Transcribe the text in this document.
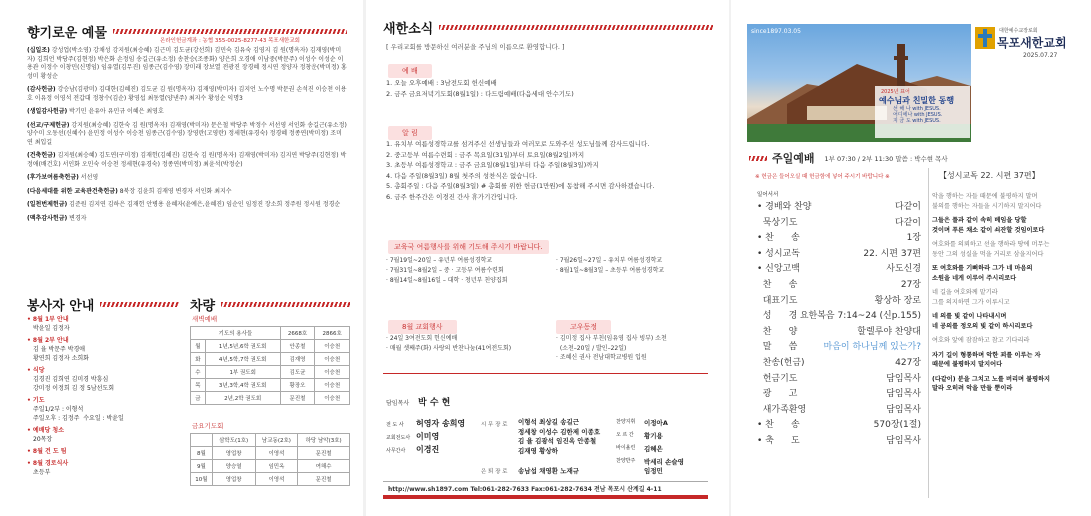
향기로운 예물	온라인헌금계좌 : 농협 355-0025-8277-43 목포새한교회
(십일조) 강성업(박소영) 강채성 강지원(최승혜) 김근미 김도균(강선희) 김민숙 김유숙 김영지 김 원(명옥자) 김재영(박미자) 김희언 박당주(김현정) 박은화 손정임 송길근(유소정) 송찬승(조종화) 양은희 오경애 이남중(박문주) 이성수 이성순 이용관 이정수 이창민(신명임) 임유열(김무진) 임종근(김수영) 장미래 장보열 전광진 장경혜 정시연 정양자 정창운(박미정) 홍성미 황성순
(감사헌금) 강승남(김광미) 김대한(김혜진) 김도균 김 원(명옥자) 김재영(박미자) 김지언 노수명 박문권 손석진 이승천 이용호 이유정 이영석 전갑대 정창수(김순) 황영섭 최동열(양낸주) 최지수 황성순 익명3
(생일감사헌금) 박기민 윤유아 유민규 이혜은 최영호
(선교/구제헌금) 강지원(최승혜) 김한숙 김 원(명옥자) 김재영(박미자) 문은철 박당주 박정수 서선영 서인화 송길근(유소정) 양수미 오동선(신혜수) 윤민정 이성수 이승천 임종근(김수영) 장영란(고영란) 정세현(유경숙) 정경혜 정종연(박미정) 조미연 최입길
(건축헌금) 김지원(최승혜) 김도연(구미정) 김재헌(김혜진) 김한숙 김 원(명옥자) 김재영(박미자) 김지연 박당주(김현정) 박정애(배건호) 서인화 오민숙 이승천 정세현(유경숙) 정종연(박미정) 최윤석(박정순)
(후가보여름축헌금) 서선영
(다음세대를 위한 교육관건축헌금) 8북장 김윤희 김재영 변경자 서인화 최지수
(일천번제헌금) 김준원 김지연 김하은 김재헌 안병용 윤혜자(윤예은,윤혜진) 임순인 임정진 장소희 정주원 정시원 정경순
(맥추감사헌금) 변경자
봉사자 안내
• 8월 1부 안내
박윤일 김정자
• 8월 2부 안내
김 율 박문주 박경애
황연희 김정자 소희화
• 식당
김경진 김희연 김미경 박흥심
강미정 이정희 김 정 5남선도회
• 기도
주일1/2부 : 이형석
주일오후 : 김정주  수요일 : 박윤일
• 예배당 청소
20목장
• 8월 건 도 팀
• 8월 경로식사
초등부
차량
새벽예배
기도의 용사들		2668호	2866호
월	1년,5년,6학 권도회	안종철	이승천
화	4년,5학,7학 권도회	김재영	이승천
수	1부 권도회	김도균	이승천
목	3년,3학,4학 권도회	황장오	이승천
금	2년,2학 권도회	문진철	이승천
금요기도회
	삼학도(1호)	남교동(2호)	하당 남악(3호)
8월	영업창	이영석	문진철
9월	양승열	임민옥	여해수
10월	영업창	이영석	문진철
새한소식
[ 우리교회를 방문하신 여러분을 주님의 이름으로 환영합니다. ]
예 배
1. 오늘 오후예배 : 3남전도회 헌신예배
2. 금주 금요저녁기도회(8월1일) : 다드림예배(다음세대 안수기도)
알 림
1. 유치부 여름성경학교를 섬겨주신 선생님들과 여러모로 도와주신 성도님들께 감사드립니다.
2. 중고등부 여름수련회 : 금주 목요일(31일)부터 토요일(8월2일)까지
3. 초등부 여름성경학교 : 금주 금요일(8월1일)부터 다음 주일(8월3일)까지
4. 다음 주일(8월3일) 8월 첫주의 성찬식은 없습니다.
5. 총회주일 : 다음 주일(8월3일) # 총회를 위한 헌금(1만원)에 동참해 주시면 감사하겠습니다.
6. 금주 한주간은 이경진 간사 휴가기간입니다.
교육국 여름행사를 위해 기도해 주시기 바랍니다.
· 7월19일~20일 – 유년부 여름성경학교
· 7월31일~8월2일 – 중 · 고등부 여름수련회
· 8월14일~8월16일 – 대학 · 청년부 친양집회
· 7월26일~27일 – 유치부 여름성경학교
· 8월1일~8월3일 – 초등부 여름성경학교
8월 교회행사
· 24일 3여전도회 헌신예배
· 매월 셋째주(화) 사랑의 반찬나눔(41여전도회)
고우동정
· 김미정 집사 부친(임유영 집사 빙부) 소천
(소천–20일 / 발인–22일)
· 조혜신 권사 전남대학교병원 입원
담임목사 박 수 현
전 도 사	허영자 송희영
교회전도사 이미영
사무간사	이경진
시 무 장 로 이형석 최상길 송길근
정세창 이성수 김한제 이종호
김 율 김광석 임진옥 안종철
김재영 황상하
은 퇴 장 로 송남섭 채영환 노재규
찬양지휘	이정아A
오 르 간	황기용
바이올린	김혜은
찬양반주	박세리 손슬영
임정민
http://www.sh1897.com Tel:061-282-7633 Fax:061-282-7634 전남 목포시 산계길 4-11
since1897.03.05
2025년 표어
예수님과 친밀한 동행
선 해 나 with JESUS.
어디에나 with JESUS.
지 금 도 with JESUS.
대한예수교장로회
목포새한교회
2025.07.27
주일예배 1부 07:30 / 2부 11:30 말씀 : 박수현 목사
※ 헌금은 들어오실 때 헌금함에 넣어 주시기 바랍니다 ※
일어서서
• 경배와 찬양	다같이
묵상기도	다같이
• 찬      송	1장
• 성시교독	22. 시편 37편
• 신앙고백	사도신경
찬      송	27장
대표기도	황상하 장로
성      경 요한복음 7:14~24 (신p.155)
찬      양	할렐루야 찬양대
말      씀	마음이 하나님께 있는가?
찬송(헌금)	427장
헌금기도	담임목사
광      고	담임목사
새가족환영	담임목사
• 찬      송	570장(1절)
• 축      도	담임목사
【성시교독 22. 시편 37편】
악을 행하는 자들 때문에 불평하지 말며
불의를 행하는 자들을 시기하지 말지어다
그들은 풀과 같이 속히 베임을 당할
것이며 푸른 채소 같이 쇠잔할 것임이로다
여호와를 의뢰하고 선을 행하라 땅에 머무는
동안 그의 성실을 먹을 거리로 삼을지어다
또 여호와를 기뻐하라 그가 네 마음의
소원을 네게 이루어 주시리로다
네 길을 여호와께 맡기라
그를 의지하면 그가 이루시고
네 의를 빛 같이 나타내시며
네 공의를 정오의 빛 같이 하시리로다
여호와 앞에 잠잠하고 참고 기다리라
자기 길이 형통하며 악한 꾀를 이루는 자
때문에 불평하지 말지어다
(다같이) 분을 그치고 노를 버리며 불평하지
말라 오히려 악을 만들 뿐이라
